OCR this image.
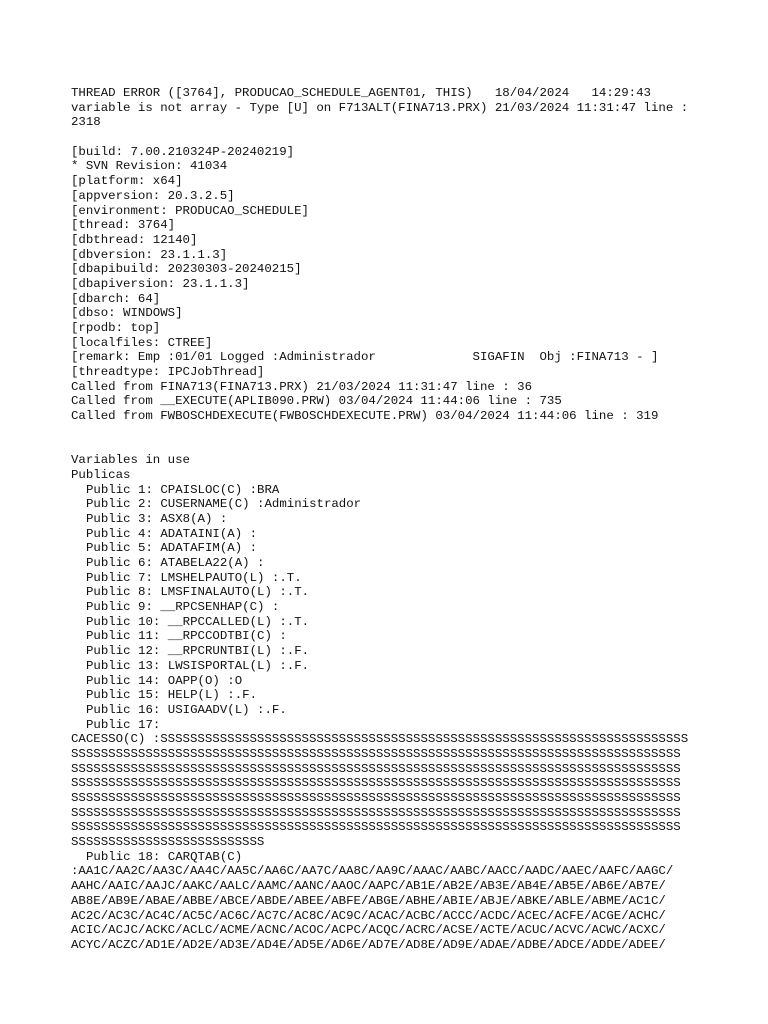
THREAD ERROR ([3764], PRODUCAO_SCHEDULE_AGENT01, THIS)   18/04/2024   14:29:43
variable is not array - Type [U] on F713ALT(FINA713.PRX) 21/03/2024 11:31:47 line :
2318
[build: 7.00.210324P-20240219]
* SVN Revision: 41034
[platform: x64]
[appversion: 20.3.2.5]
[environment: PRODUCAO_SCHEDULE]
[thread: 3764]
[dbthread: 12140]
[dbversion: 23.1.1.3]
[dbapibuild: 20230303-20240215]
[dbapiversion: 23.1.1.3]
[dbarch: 64]
[dbso: WINDOWS]
[rpodb: top]
[localfiles: CTREE]
[remark: Emp :01/01 Logged :Administrador             SIGAFIN  Obj :FINA713 - ]
[threadtype: IPCJobThread]
Called from FINA713(FINA713.PRX) 21/03/2024 11:31:47 line : 36
Called from __EXECUTE(APLIB090.PRW) 03/04/2024 11:44:06 line : 735
Called from FWBOSCHDEXECUTE(FWBOSCHDEXECUTE.PRW) 03/04/2024 11:44:06 line : 319
Variables in use
Publicas
Public 1: CPAISLOC(C) :BRA
Public 2: CUSERNAME(C) :Administrador
Public 3: ASX8(A) :
Public 4: ADATAINI(A) :
Public 5: ADATAFIM(A) :
Public 6: ATABELA22(A) :
Public 7: LMSHELPAUTO(L) :.T.
Public 8: LMSFINALAUTO(L) :.T.
Public 9: __RPCSENHAP(C) :
Public 10: __RPCCALLED(L) :.T.
Public 11: __RPCCODTBI(C) :
Public 12: __RPCRUNTBI(L) :.F.
Public 13: LWSISPORTAL(L) :.F.
Public 14: OAPP(O) :O
Public 15: HELP(L) :.F.
Public 16: USIGAADV(L) :.F.
Public 17:
CACESSO(C) :SSSSSSSSSSSSSSSSSSSSSSSSSSSSSSSSSSSSSSSSSSSSSSSSSSSSSSSSSSSSSSSSSSSSSSS
SSSSSSSSSSSSSSSSSSSSSSSSSSSSSSSSSSSSSSSSSSSSSSSSSSSSSSSSSSSSSSSSSSSSSSSSSSSSSSSSSS
SSSSSSSSSSSSSSSSSSSSSSSSSSSSSSSSSSSSSSSSSSSSSSSSSSSSSSSSSSSSSSSSSSSSSSSSSSSSSSSSSS
SSSSSSSSSSSSSSSSSSSSSSSSSSSSSSSSSSSSSSSSSSSSSSSSSSSSSSSSSSSSSSSSSSSSSSSSSSSSSSSSSS
SSSSSSSSSSSSSSSSSSSSSSSSSSSSSSSSSSSSSSSSSSSSSSSSSSSSSSSSSSSSSSSSSSSSSSSSSSSSSSSSSS
SSSSSSSSSSSSSSSSSSSSSSSSSSSSSSSSSSSSSSSSSSSSSSSSSSSSSSSSSSSSSSSSSSSSSSSSSSSSSSSSSS
SSSSSSSSSSSSSSSSSSSSSSSSSSSSSSSSSSSSSSSSSSSSSSSSSSSSSSSSSSSSSSSSSSSSSSSSSSSSSSSSSS
SSSSSSSSSSSSSSSSSSSSSSSSSS
Public 18: CARQTAB(C)
:AA1C/AA2C/AA3C/AA4C/AA5C/AA6C/AA7C/AA8C/AA9C/AAAC/AABC/AACC/AADC/AAEC/AAFC/AAGC/
AAHC/AAIC/AAJC/AAKC/AALC/AAMC/AANC/AAOC/AAPC/AB1E/AB2E/AB3E/AB4E/AB5E/AB6E/AB7E/
AB8E/AB9E/ABAE/ABBE/ABCE/ABDE/ABEE/ABFE/ABGE/ABHE/ABIE/ABJE/ABKE/ABLE/ABME/AC1C/
AC2C/AC3C/AC4C/AC5C/AC6C/AC7C/AC8C/AC9C/ACAC/ACBC/ACCC/ACDC/ACEC/ACFE/ACGE/ACHC/
ACIC/ACJC/ACKC/ACLC/ACME/ACNC/ACOC/ACPC/ACQC/ACRC/ACSE/ACTE/ACUC/ACVC/ACWC/ACXC/
ACYC/ACZC/AD1E/AD2E/AD3E/AD4E/AD5E/AD6E/AD7E/AD8E/AD9E/ADAE/ADBE/ADCE/ADDE/ADEE/
